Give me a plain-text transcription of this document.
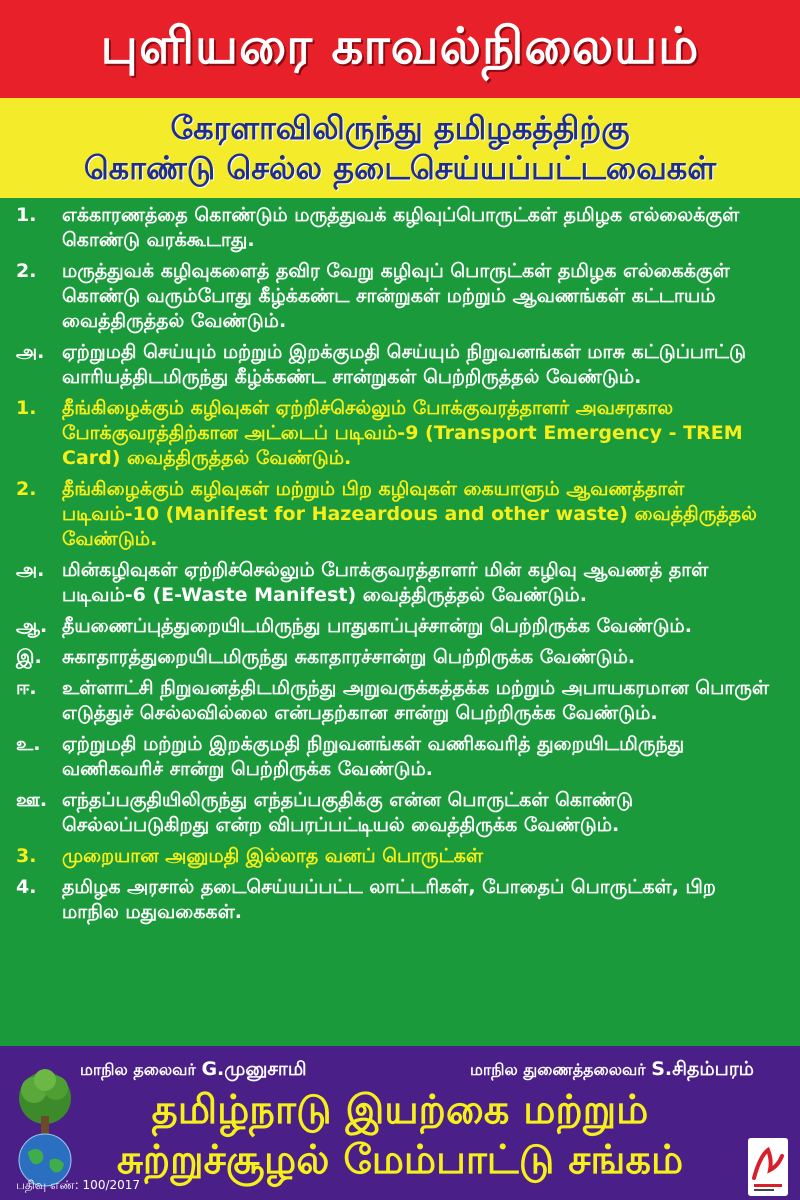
புளியரை காவல்நிலையம்
கேரளாவிலிருந்து தமிழகத்திற்கு
கொண்டு செல்ல தடைசெய்யப்பட்டவைகள்
1.	எக்காரணத்தை கொண்டும் மருத்துவக் கழிவுப்பொருட்கள் தமிழக எல்லைக்குள் கொண்டு வரக்கூடாது.
2.	மருத்துவக் கழிவுகளைத் தவிர வேறு கழிவுப் பொருட்கள் தமிழக எல்கைக்குள் கொண்டு வரும்போது கீழ்க்கண்ட சான்றுகள் மற்றும் ஆவணங்கள் கட்டாயம் வைத்திருத்தல் வேண்டும்.
அ. ஏற்றுமதி செய்யும் மற்றும் இறக்குமதி செய்யும் நிறுவனங்கள் மாசு கட்டுப்பாட்டு வாரியத்திடமிருந்து கீழ்க்கண்ட சான்றுகள் பெற்றிருத்தல் வேண்டும்.
1.	தீங்கிழைக்கும் கழிவுகள் ஏற்றிச்செல்லும் போக்குவரத்தாளர் அவசரகால போக்குவரத்திற்கான அட்டைப் படிவம்-9 (Transport Emergency - TREM Card) வைத்திருத்தல் வேண்டும்.
2.	தீங்கிழைக்கும் கழிவுகள் மற்றும் பிற கழிவுகள் கையாளும் ஆவணத்தாள் படிவம்-10 (Manifest for Hazeardous and other waste) வைத்திருத்தல் வேண்டும்.
அ. மின்கழிவுகள் ஏற்றிச்செல்லும் போக்குவரத்தாளர் மின் கழிவு ஆவணத் தாள் படிவம்-6 (E-Waste Manifest) வைத்திருத்தல் வேண்டும்.
ஆ. தீயணைப்புத்துறையிடமிருந்து பாதுகாப்புச்சான்று பெற்றிருக்க வேண்டும்.
இ.	சுகாதாரத்துறையிடமிருந்து சுகாதாரச்சான்று பெற்றிருக்க வேண்டும்.
ஈ.	உள்ளாட்சி நிறுவனத்திடமிருந்து அறுவருக்கத்தக்க மற்றும் அபாயகரமான பொருள் எடுத்துச் செல்லவில்லை என்பதற்கான சான்று பெற்றிருக்க வேண்டும்.
உ.	ஏற்றுமதி மற்றும் இறக்குமதி நிறுவனங்கள் வணிகவரித் துறையிடமிருந்து வணிகவரிச் சான்று பெற்றிருக்க வேண்டும்.
ஊ. எந்தப்பகுதியிலிருந்து எந்தப்பகுதிக்கு என்ன பொருட்கள் கொண்டு செல்லப்படுகிறது என்ற விபரப்பட்டியல் வைத்திருக்க வேண்டும்.
3.	முறையான அனுமதி இல்லாத வனப் பொருட்கள்
4.	தமிழக அரசால் தடைசெய்யப்பட்ட லாட்டரிகள், போதைப் பொருட்கள், பிற மாநில மதுவகைகள்.
மாநில தலைவர் G.முனுசாமி	மாநில துணைத்தலைவர் S.சிதம்பரம்
தமிழ்நாடு இயற்கை மற்றும்
சுற்றுச்சூழல் மேம்பாட்டு சங்கம்
பதிவு எண்: 100/2017
